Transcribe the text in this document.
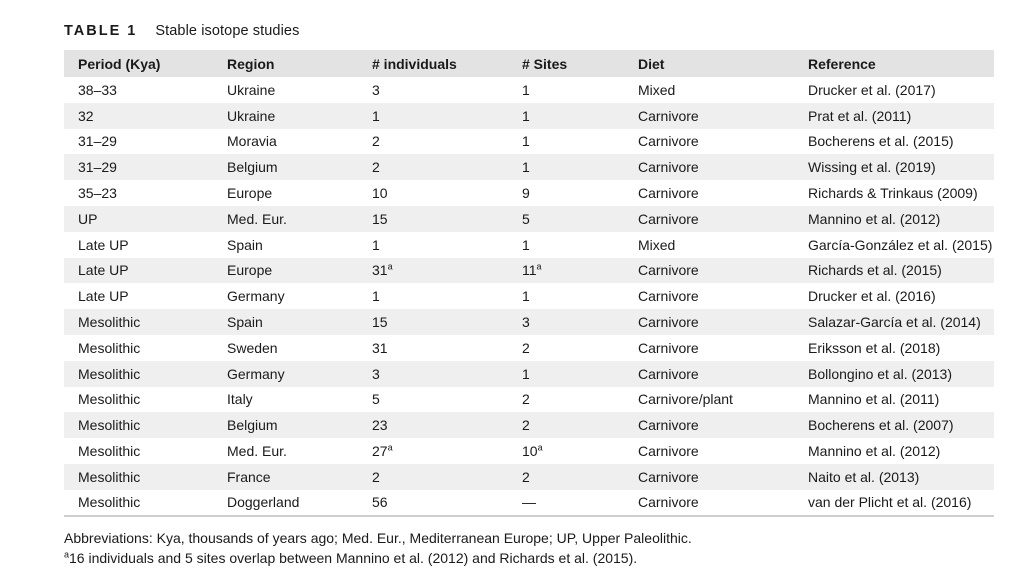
TABLE 1 Stable isotope studies
Period (Kya)	Region	# individuals	# Sites	Diet	Reference
38–33	Ukraine	3	1	Mixed	Drucker et al. (2017)
32	Ukraine	1	1	Carnivore	Prat et al. (2011)
31–29	Moravia	2	1	Carnivore	Bocherens et al. (2015)
31–29	Belgium	2	1	Carnivore	Wissing et al. (2019)
35–23	Europe	10	9	Carnivore	Richards & Trinkaus (2009)
UP	Med. Eur.	15	5	Carnivore	Mannino et al. (2012)
Late UP	Spain	1	1	Mixed	García-González et al. (2015)
Late UP	Europe	31$^a$	11$^a$	Carnivore	Richards et al. (2015)
Late UP	Germany	1	1	Carnivore	Drucker et al. (2016)
Mesolithic	Spain	15	3	Carnivore	Salazar-García et al. (2014)
Mesolithic	Sweden	31	2	Carnivore	Eriksson et al. (2018)
Mesolithic	Germany	3	1	Carnivore	Bollongino et al. (2013)
Mesolithic	Italy	5	2	Carnivore/plant	Mannino et al. (2011)
Mesolithic	Belgium	23	2	Carnivore	Bocherens et al. (2007)
Mesolithic	Med. Eur.	27$^a$	10$^a$	Carnivore	Mannino et al. (2012)
Mesolithic	France	2	2	Carnivore	Naito et al. (2013)
Mesolithic	Doggerland	56	—	Carnivore	van der Plicht et al. (2016)
Abbreviations: Kya, thousands of years ago; Med. Eur., Mediterranean Europe; UP, Upper Paleolithic.
$^a$16 individuals and 5 sites overlap between Mannino et al. (2012) and Richards et al. (2015).
